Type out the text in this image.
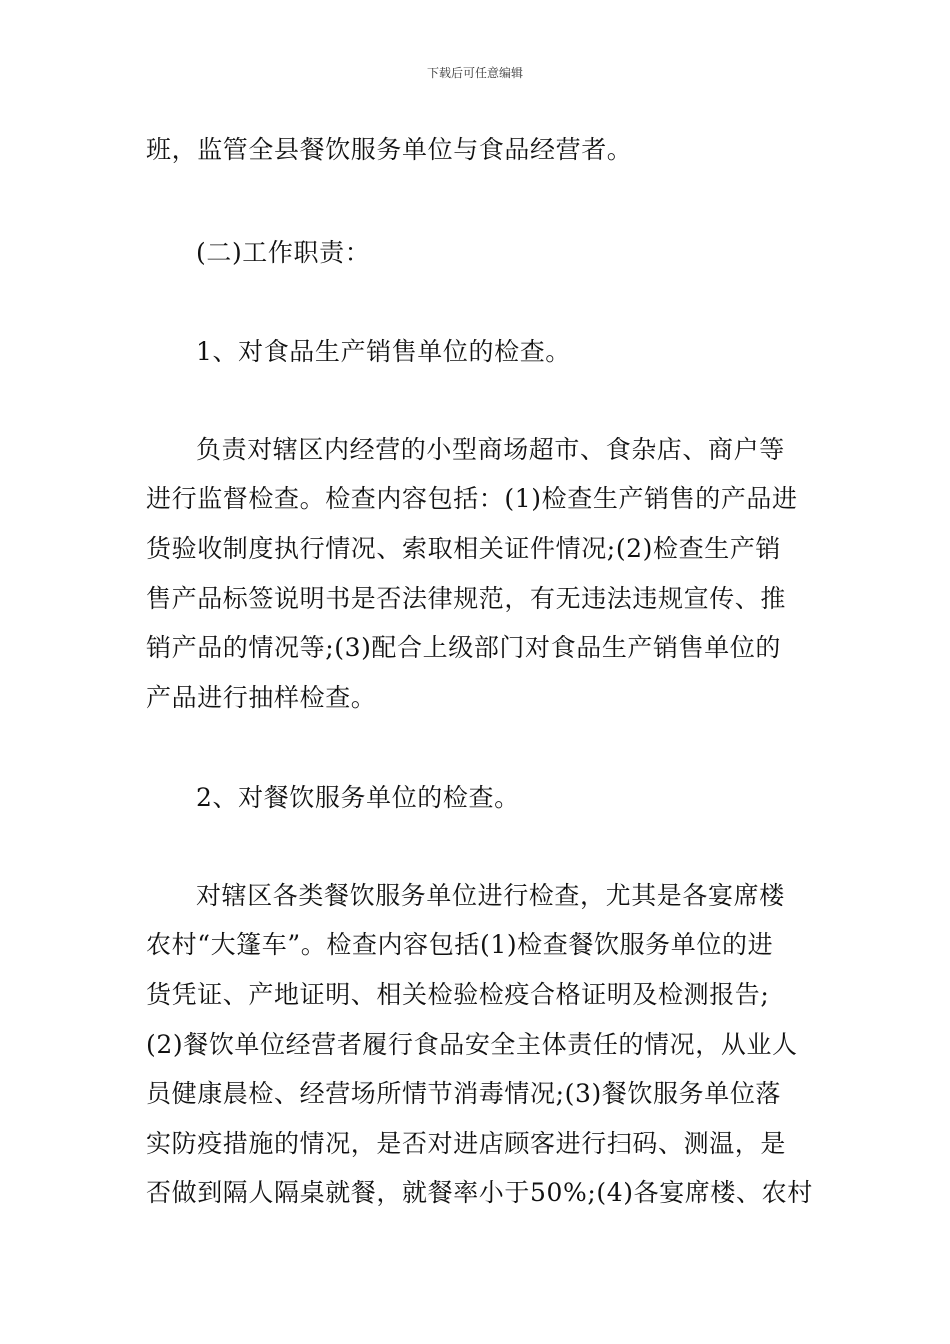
下载后可任意编辑
班，监管全县餐饮服务单位与食品经营者。
(二)工作职责：
1、对食品生产销售单位的检查。
负责对辖区内经营的小型商场超市、食杂店、商户等
进行监督检查。检查内容包括：(1)检查生产销售的产品进
货验收制度执行情况、索取相关证件情况;(2)检查生产销
售产品标签说明书是否法律规范，有无违法违规宣传、推
销产品的情况等;(3)配合上级部门对食品生产销售单位的
产品进行抽样检查。
2、对餐饮服务单位的检查。
对辖区各类餐饮服务单位进行检查，尤其是各宴席楼
农村“大篷车”。检查内容包括(1)检查餐饮服务单位的进
货凭证、产地证明、相关检验检疫合格证明及检测报告;
(2)餐饮单位经营者履行食品安全主体责任的情况，从业人
员健康晨检、经营场所情节消毒情况;(3)餐饮服务单位落
实防疫措施的情况，是否对进店顾客进行扫码、测温，是
否做到隔人隔桌就餐，就餐率小于50%;(4)各宴席楼、农村
